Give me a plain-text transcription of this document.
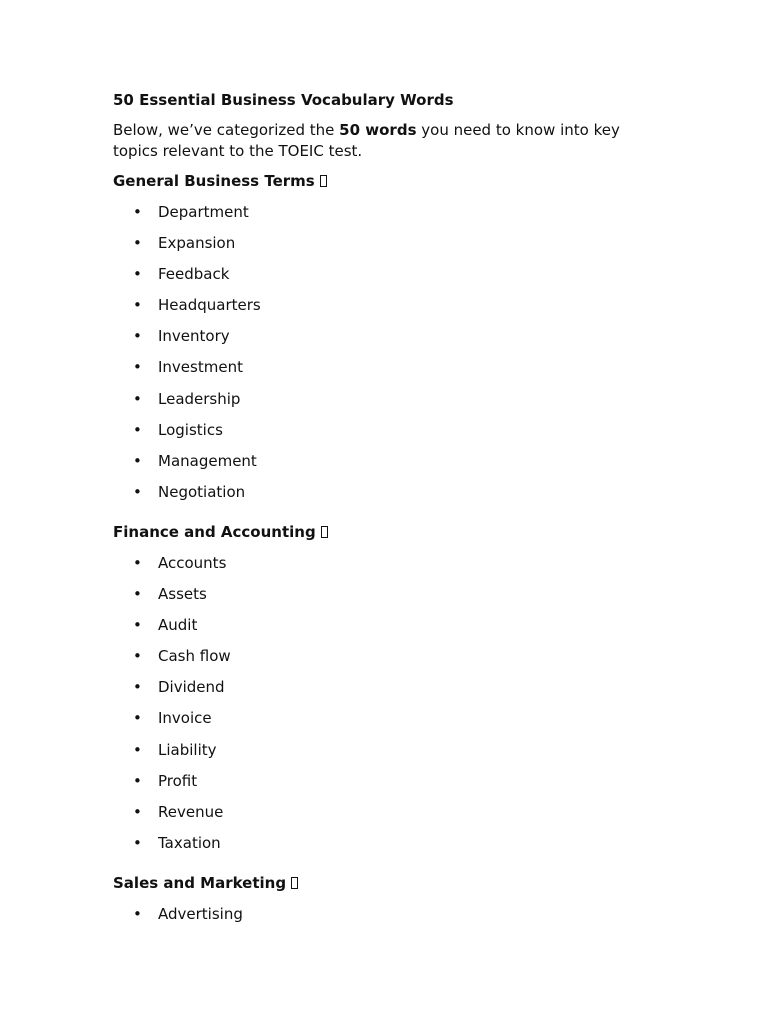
50 Essential Business Vocabulary Words

Below, we’ve categorized the 50 words you need to know into key topics relevant to the TOEIC test.

General Business Terms
• Department
• Expansion
• Feedback
• Headquarters
• Inventory
• Investment
• Leadership
• Logistics
• Management
• Negotiation
Finance and Accounting
• Accounts
• Assets
• Audit
• Cash flow
• Dividend
• Invoice
• Liability
• Profit
• Revenue
• Taxation
Sales and Marketing
• Advertising
